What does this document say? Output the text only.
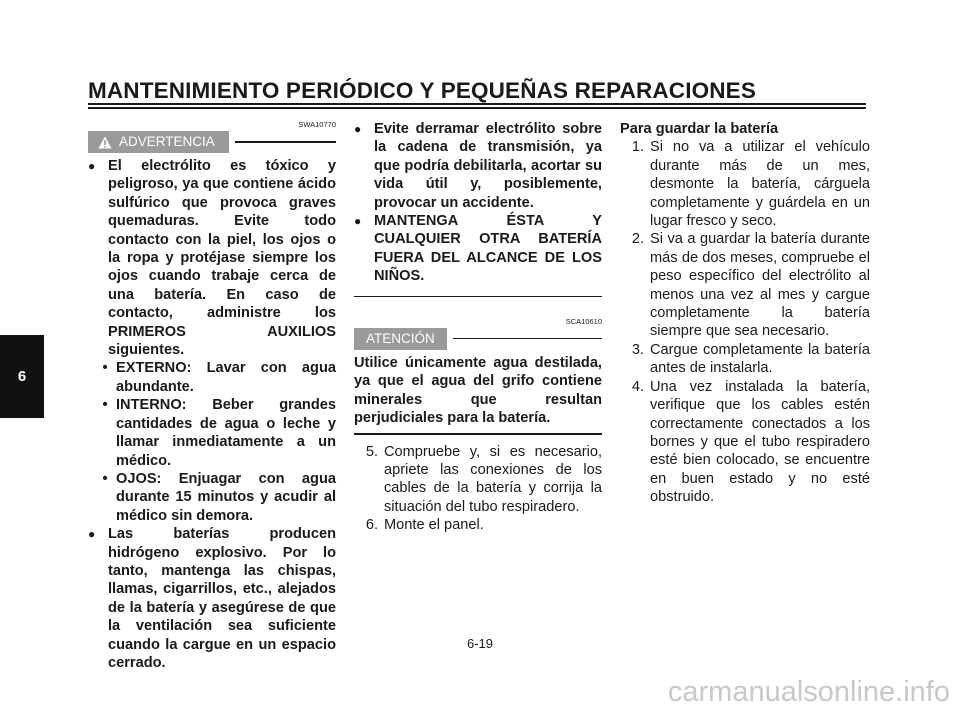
MANTENIMIENTO PERIÓDICO Y PEQUEÑAS REPARACIONES
6
SWA10770
ADVERTENCIA
● El electrólito es tóxico y peligroso, ya que contiene ácido sulfúrico que provoca graves quemaduras. Evite todo contacto con la piel, los ojos o la ropa y protéjase siempre los ojos cuando trabaje cerca de una batería. En caso de contacto, administre los PRIMEROS AUXILIOS siguientes.
• EXTERNO: Lavar con agua abundante.
• INTERNO: Beber grandes cantidades de agua o leche y llamar inmediatamente a un médico.
• OJOS: Enjuagar con agua durante 15 minutos y acudir al médico sin demora.
● Las baterías producen hidrógeno explosivo. Por lo tanto, mantenga las chispas, llamas, cigarrillos, etc., alejados de la batería y asegúrese de que la ventilación sea suficiente cuando la cargue en un espacio cerrado.
● Evite derramar electrólito sobre la cadena de transmisión, ya que podría debilitarla, acortar su vida útil y, posiblemente, provocar un accidente.
● MANTENGA ÉSTA Y CUALQUIER OTRA BATERÍA FUERA DEL ALCANCE DE LOS NIÑOS.
SCA10610
ATENCIÓN
Utilice únicamente agua destilada, ya que el agua del grifo contiene minerales que resultan perjudiciales para la batería.
5. Compruebe y, si es necesario, apriete las conexiones de los cables de la batería y corrija la situación del tubo respiradero.
6. Monte el panel.
Para guardar la batería
1. Si no va a utilizar el vehículo durante más de un mes, desmonte la batería, cárguela completamente y guárdela en un lugar fresco y seco.
2. Si va a guardar la batería durante más de dos meses, compruebe el peso específico del electrólito al menos una vez al mes y cargue completamente la batería siempre que sea necesario.
3. Cargue completamente la batería antes de instalarla.
4. Una vez instalada la batería, verifique que los cables estén correctamente conectados a los bornes y que el tubo respiradero esté bien colocado, se encuentre en buen estado y no esté obstruido.
6-19
carmanualsonline.info
